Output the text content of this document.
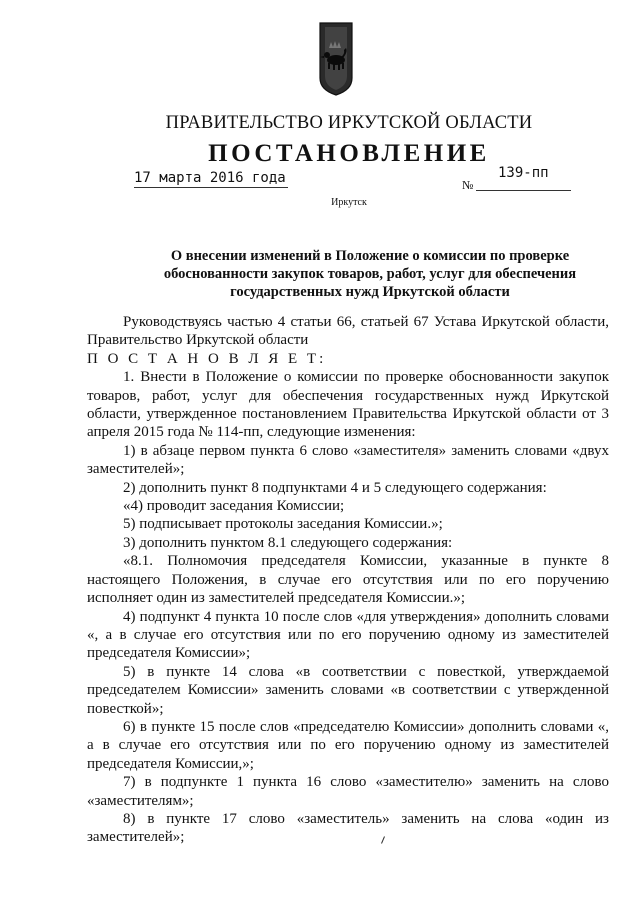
ПРАВИТЕЛЬСТВО ИРКУТСКОЙ ОБЛАСТИ
ПОСТАНОВЛЕНИЕ
17 марта 2016 года	№
139-пп
Иркутск
О внесении изменений в Положение о комиссии по проверке
обоснованности закупок товаров, работ, услуг для обеспечения
государственных нужд Иркутской области

Руководствуясь частью 4 статьи 66, статьей 67 Устава Иркутской области, Правительство Иркутской области

П О С Т А Н О В Л Я Е Т:

1. Внести в Положение о комиссии по проверке обоснованности закупок товаров, работ, услуг для обеспечения государственных нужд Иркутской области, утвержденное постановлением Правительства Иркутской области от 3 апреля 2015 года № 114-пп, следующие изменения:

1) в абзаце первом пункта 6 слово «заместителя» заменить словами «двух заместителей»;

2) дополнить пункт 8 подпунктами 4 и 5 следующего содержания:

«4) проводит заседания Комиссии;

5) подписывает протоколы заседания Комиссии.»;

3) дополнить пунктом 8.1 следующего содержания:

«8.1. Полномочия председателя Комиссии, указанные в пункте 8 настоящего Положения, в случае его отсутствия или по его поручению исполняет один из заместителей председателя Комиссии.»;

4) подпункт 4 пункта 10 после слов «для утверждения» дополнить словами «, а в случае его отсутствия или по его поручению одному из заместителей председателя Комиссии»;

5) в пункте 14 слова «в соответствии с повесткой, утверждаемой председателем Комиссии» заменить словами «в соответствии с утвержденной повесткой»;

6) в пункте 15 после слов «председателю Комиссии» дополнить словами «, а в случае его отсутствия или по его поручению одному из заместителей председателя Комиссии,»;

7) в подпункте 1 пункта 16 слово «заместителю» заменить на слово «заместителям»;

8) в пункте 17 слово «заместитель» заменить на слова «один из заместителей»;
